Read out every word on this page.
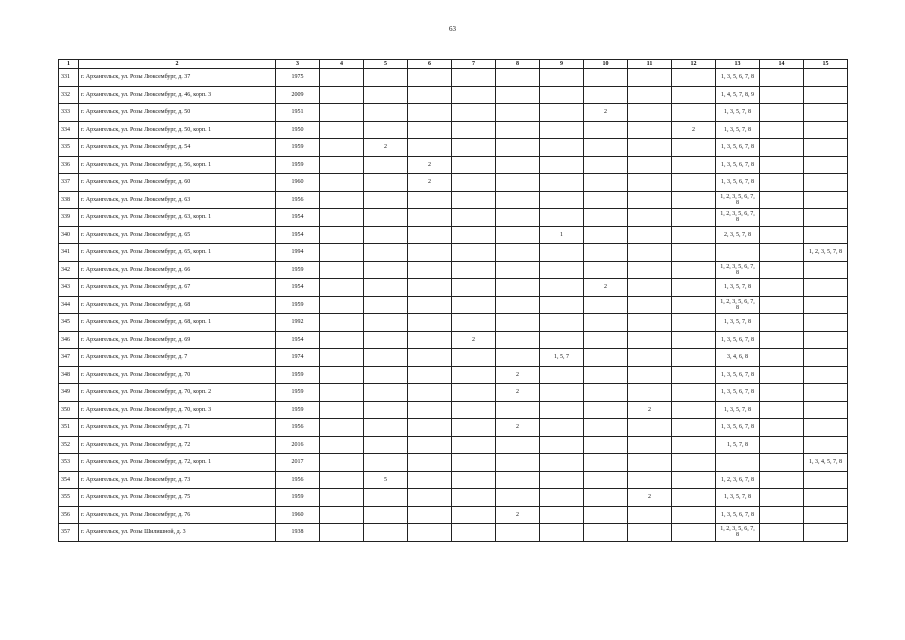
63
1	2	3	4	5	6	7	8	9	10	11	12	13	14	15
331	г. Архангельск, ул. Розы Люксембург, д. 37	1975										1, 3, 5, 6, 7, 8		
332	г. Архангельск, ул. Розы Люксембург, д. 46, корп. 3	2009										1, 4, 5, 7, 8, 9		
333	г. Архангельск, ул. Розы Люксембург, д. 50	1951							2			1, 3, 5, 7, 8		
334	г. Архангельск, ул. Розы Люксембург, д. 50, корп. 1	1950									2	1, 3, 5, 7, 8		
335	г. Архангельск, ул. Розы Люксембург, д. 54	1959		2								1, 3, 5, 6, 7, 8		
336	г. Архангельск, ул. Розы Люксембург, д. 56, корп. 1	1959			2							1, 3, 5, 6, 7, 8		
337	г. Архангельск, ул. Розы Люксембург, д. 60	1960			2							1, 3, 5, 6, 7, 8		
338	г. Архангельск, ул. Розы Люксембург, д. 63	1956										1, 2, 3, 5, 6, 7, 8		
339	г. Архангельск, ул. Розы Люксембург, д. 63, корп. 1	1954										1, 2, 3, 5, 6, 7, 8		
340	г. Архангельск, ул. Розы Люксембург, д. 65	1954						1				2, 3, 5, 7, 8		
341	г. Архангельск, ул. Розы Люксембург, д. 65, корп. 1	1994												1, 2, 3, 5, 7, 8
342	г. Архангельск, ул. Розы Люксембург, д. 66	1959										1, 2, 3, 5, 6, 7, 8		
343	г. Архангельск, ул. Розы Люксембург, д. 67	1954							2			1, 3, 5, 7, 8		
344	г. Архангельск, ул. Розы Люксембург, д. 68	1959										1, 2, 3, 5, 6, 7, 8		
345	г. Архангельск, ул. Розы Люксембург, д. 68, корп. 1	1992										1, 3, 5, 7, 8		
346	г. Архангельск, ул. Розы Люксембург, д. 69	1954				2						1, 3, 5, 6, 7, 8		
347	г. Архангельск, ул. Розы Люксембург, д. 7	1974						1, 5, 7				3, 4, 6, 8		
348	г. Архангельск, ул. Розы Люксембург, д. 70	1959					2					1, 3, 5, 6, 7, 8		
349	г. Архангельск, ул. Розы Люксембург, д. 70, корп. 2	1959					2					1, 3, 5, 6, 7, 8		
350	г. Архангельск, ул. Розы Люксембург, д. 70, корп. 3	1959								2		1, 3, 5, 7, 8		
351	г. Архангельск, ул. Розы Люксембург, д. 71	1956					2					1, 3, 5, 6, 7, 8		
352	г. Архангельск, ул. Розы Люксембург, д. 72	2016										1, 5, 7, 8		
353	г. Архангельск, ул. Розы Люксембург, д. 72, корп. 1	2017												1, 3, 4, 5, 7, 8
354	г. Архангельск, ул. Розы Люксембург, д. 73	1956		5								1, 2, 3, 6, 7, 8		
355	г. Архангельск, ул. Розы Люксембург, д. 75	1959								2		1, 3, 5, 7, 8		
356	г. Архангельск, ул. Розы Люксембург, д. 76	1960					2					1, 3, 5, 6, 7, 8		
357	г. Архангельск, ул. Розы Шилишной, д. 3	1938										1, 2, 3, 5, 6, 7, 8		
